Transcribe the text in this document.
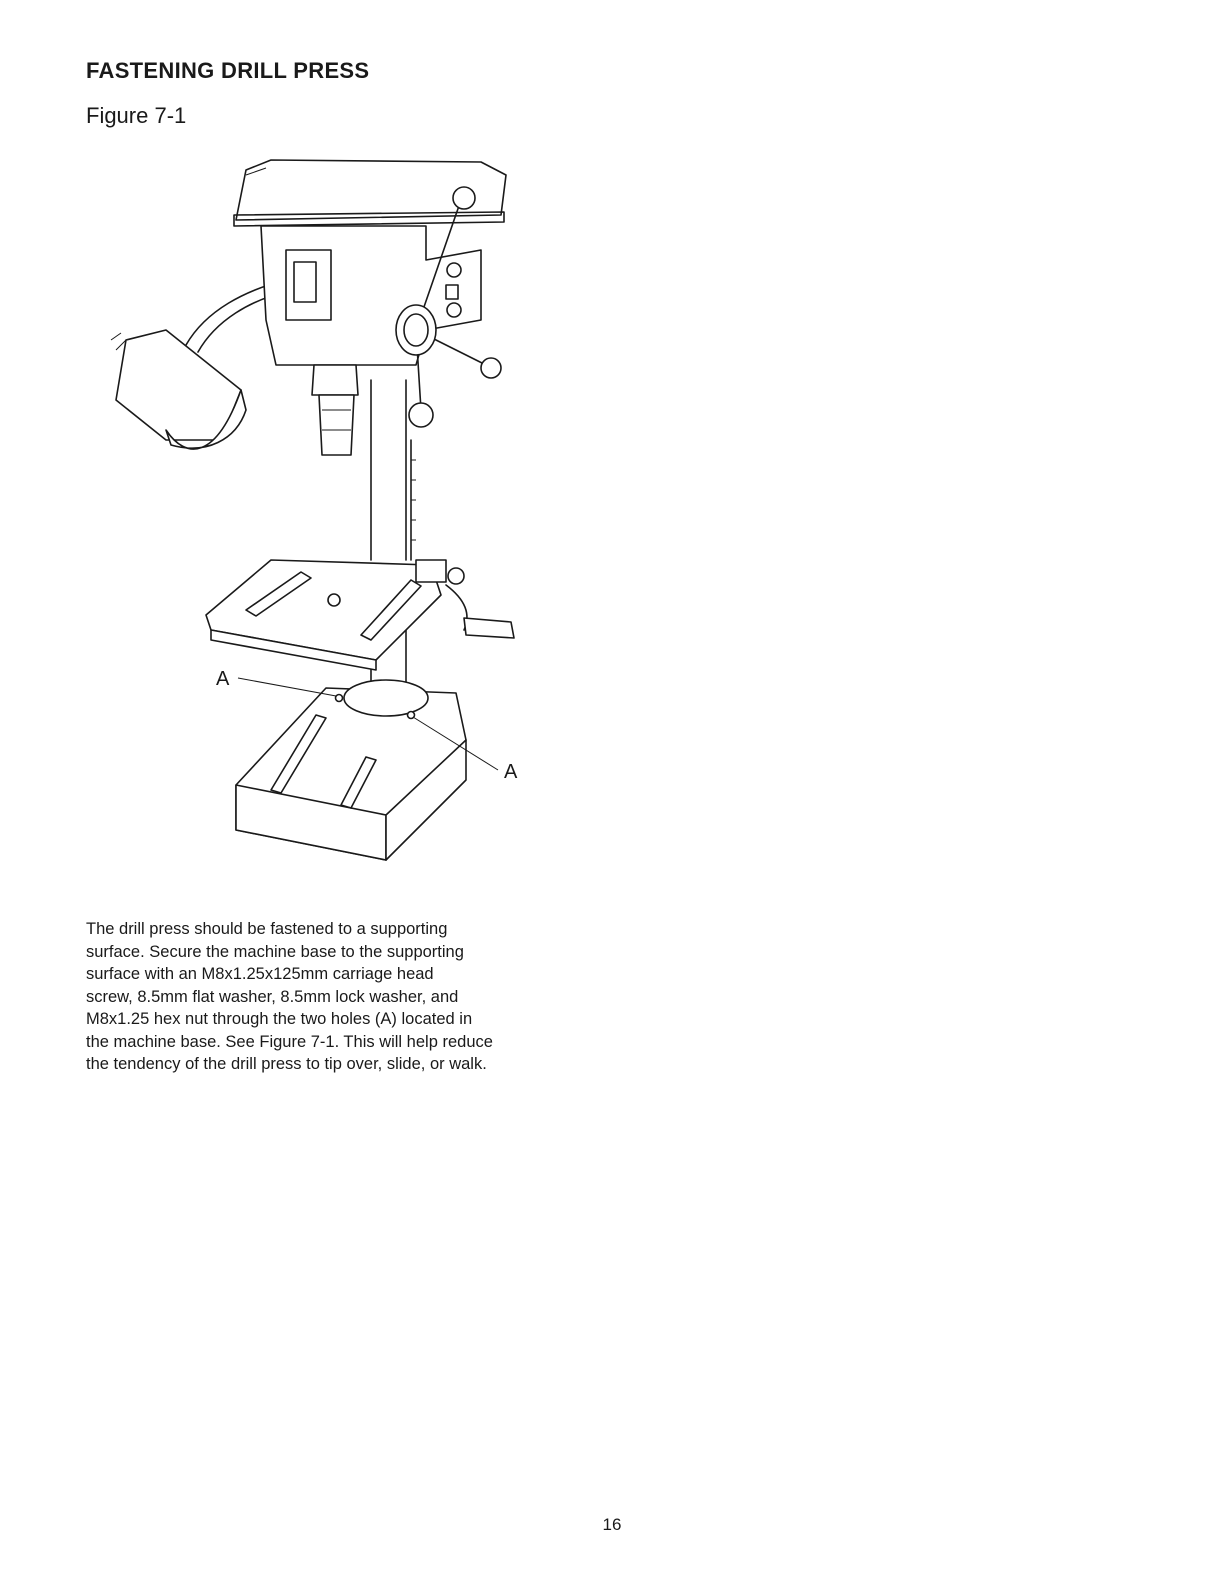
FASTENING DRILL PRESS
Figure 7-1
A
A

The drill press should be fastened to a supporting
surface. Secure the machine base to the supporting
surface with an M8x1.25x125mm carriage head
screw, 8.5mm flat washer, 8.5mm lock washer, and
M8x1.25 hex nut through the two holes (A) located in
the machine base. See Figure 7-1. This will help reduce
the tendency of the drill press to tip over, slide, or walk.

16
